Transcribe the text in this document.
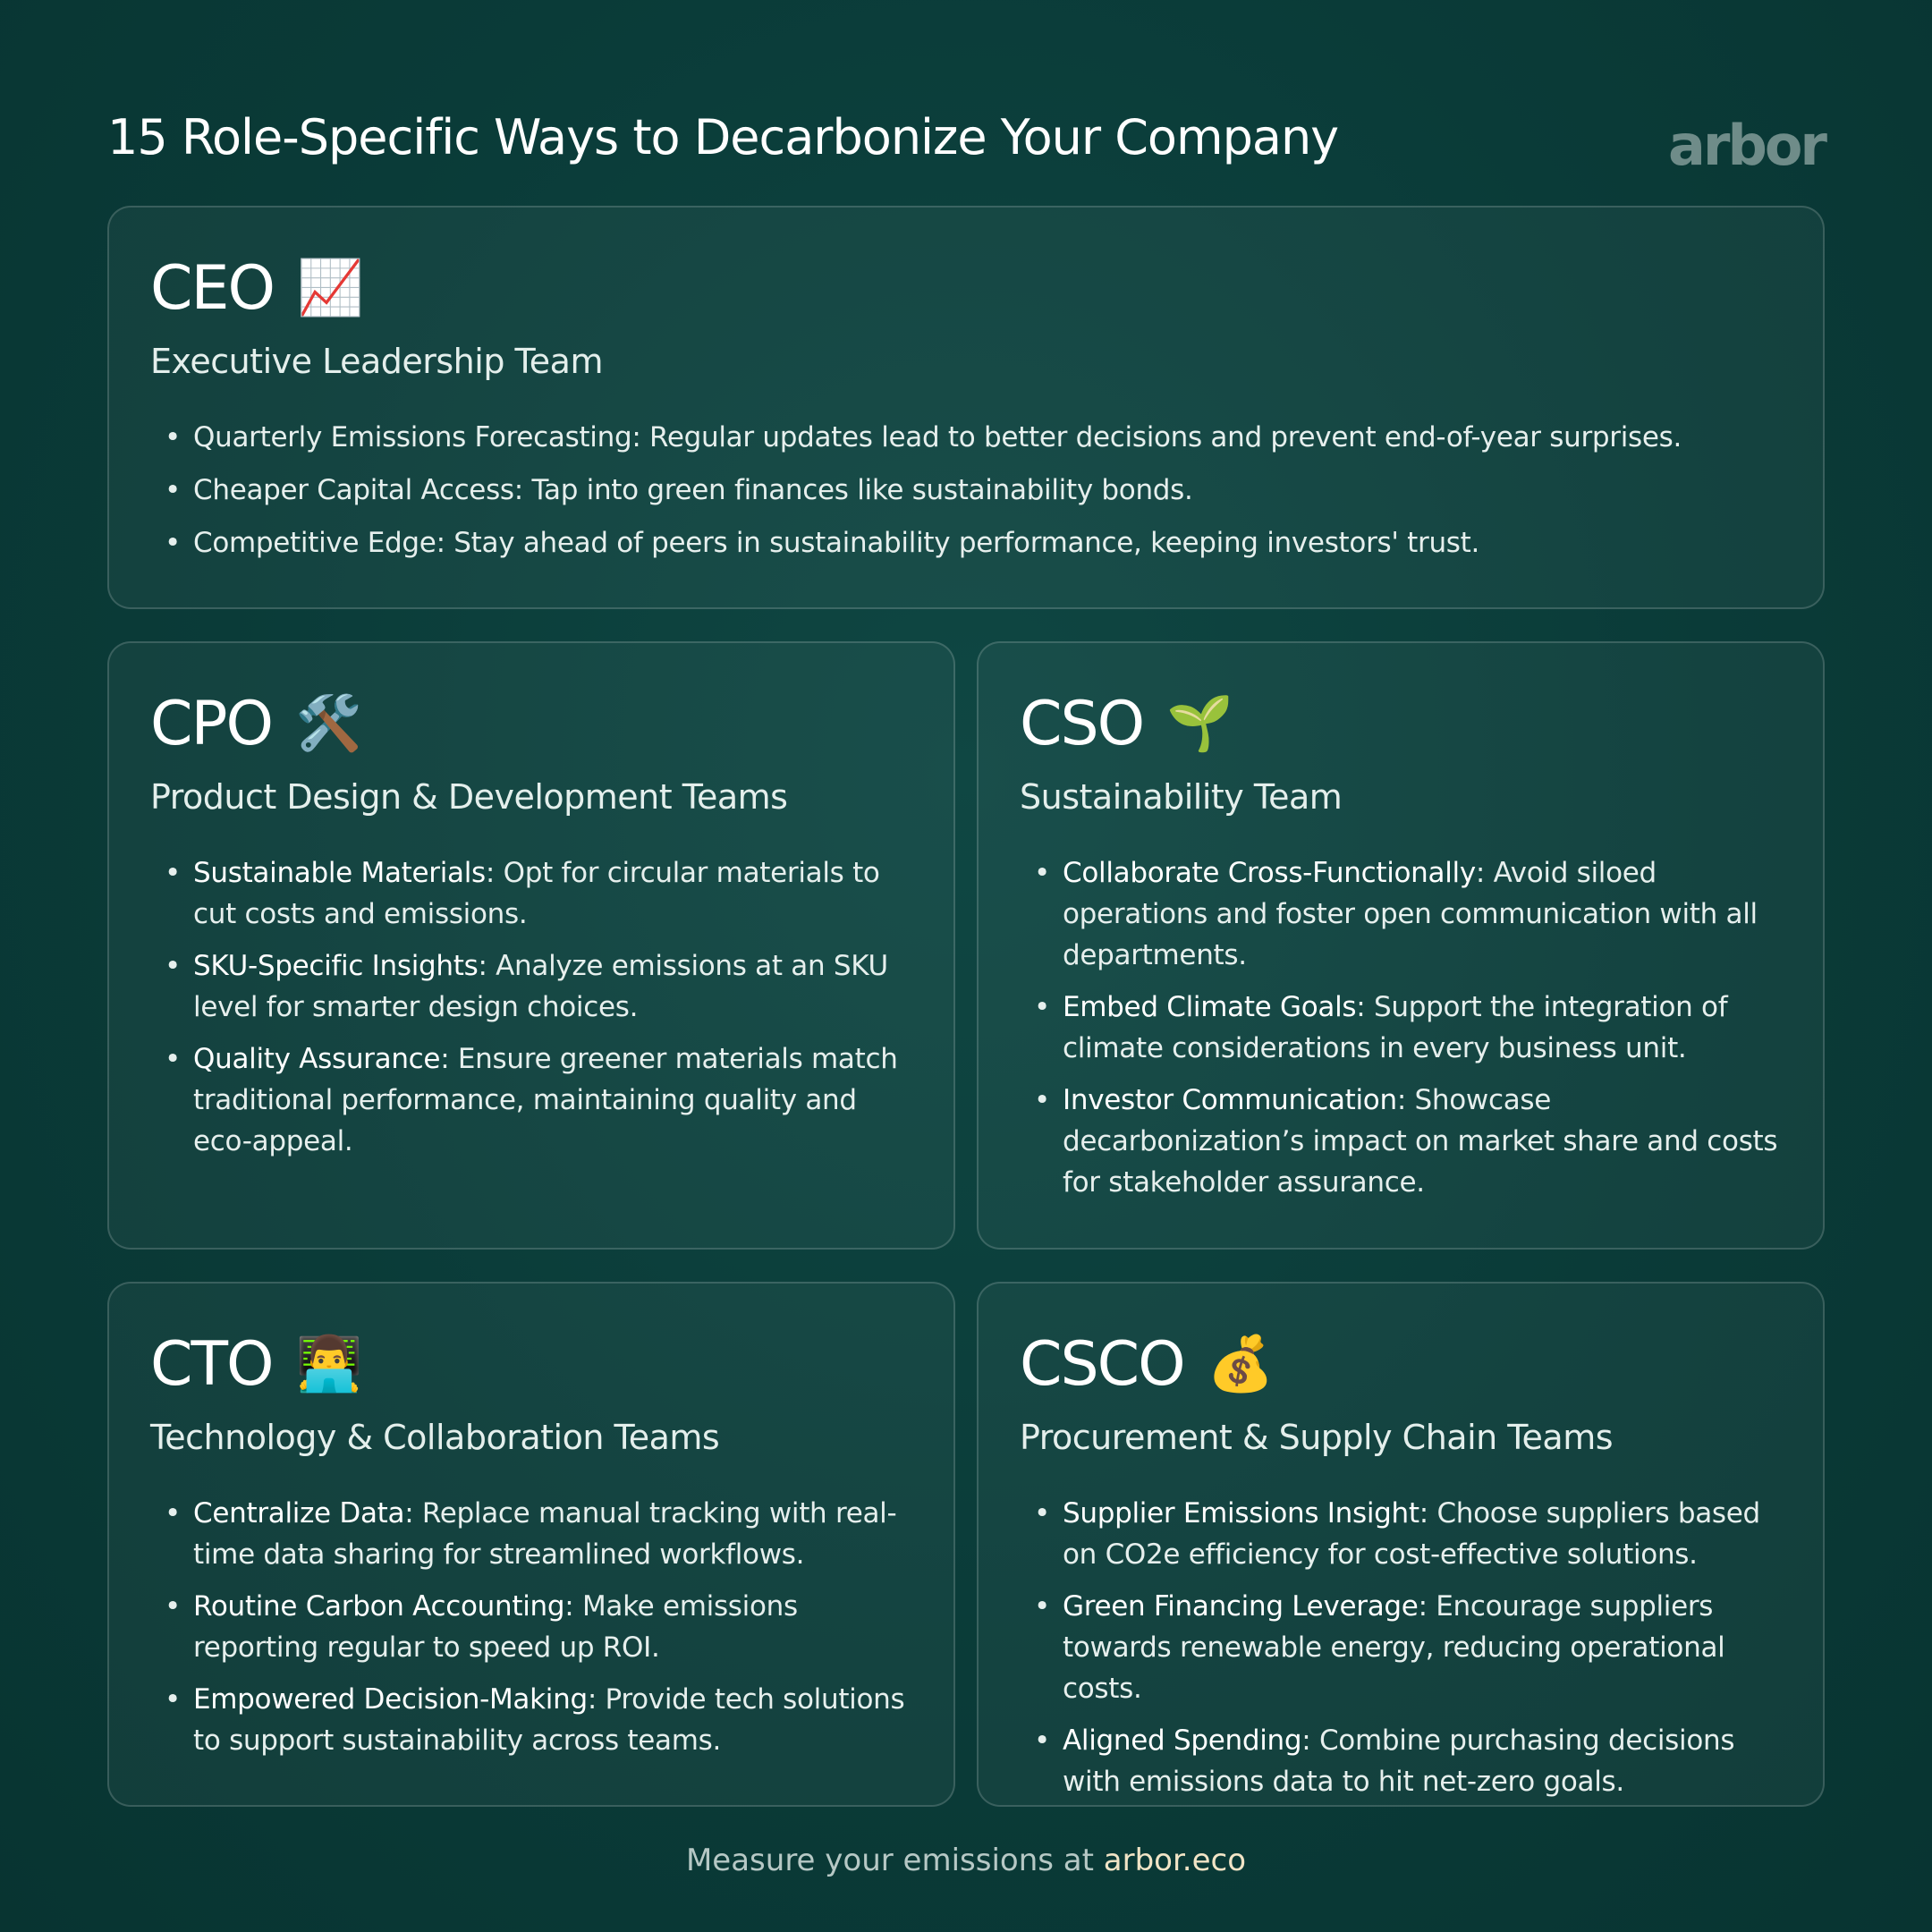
15 Role-Specific Ways to Decarbonize Your Company	arbor
CEO 📈
Executive Leadership Team
• Quarterly Emissions Forecasting: Regular updates lead to better decisions and prevent end-of-year surprises.
• Cheaper Capital Access: Tap into green finances like sustainability bonds.
• Competitive Edge: Stay ahead of peers in sustainability performance, keeping investors' trust.
CPO 🛠️
Product Design & Development Teams
• Sustainable Materials: Opt for circular materials to cut costs and emissions.
• SKU-Specific Insights: Analyze emissions at an SKU level for smarter design choices.
• Quality Assurance: Ensure greener materials match traditional performance, maintaining quality and eco-appeal.
CSO 🌱
Sustainability Team
• Collaborate Cross-Functionally: Avoid siloed operations and foster open communication with all departments.
• Embed Climate Goals: Support the integration of climate considerations in every business unit.
• Investor Communication: Showcase decarbonization’s impact on market share and costs for stakeholder assurance.
CTO 👨‍💻
Technology & Collaboration Teams
• Centralize Data: Replace manual tracking with real-time data sharing for streamlined workflows.
• Routine Carbon Accounting: Make emissions reporting regular to speed up ROI.
• Empowered Decision-Making: Provide tech solutions to support sustainability across teams.
CSCO 💰
Procurement & Supply Chain Teams
• Supplier Emissions Insight: Choose suppliers based on CO2e efficiency for cost-effective solutions.
• Green Financing Leverage: Encourage suppliers towards renewable energy, reducing operational costs.
• Aligned Spending: Combine purchasing decisions with emissions data to hit net-zero goals.
Measure your emissions at arbor.eco
